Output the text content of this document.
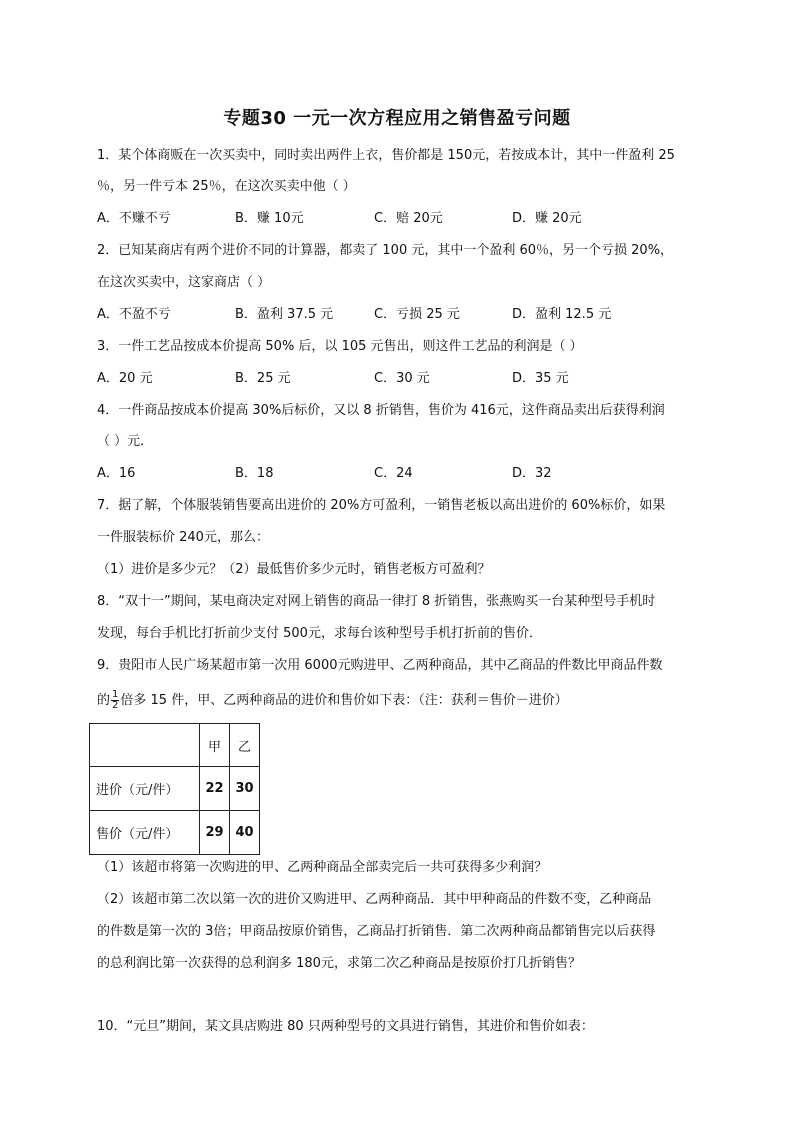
专题30 一元一次方程应用之销售盈亏问题
1．某个体商贩在一次买卖中，同时卖出两件上衣，售价都是 150元，若按成本计，其中一件盈利 25
％，另一件亏本 25％，在这次买卖中他（ ）
A．不赚不亏	B．赚 10元	C．赔 20元	D．赚 20元
2．已知某商店有两个进价不同的计算器，都卖了 100 元，其中一个盈利 60％，另一个亏损 20%，
在这次买卖中，这家商店（ ）
A．不盈不亏	B．盈利 37.5 元	C．亏损 25 元	D．盈利 12.5 元
3．一件工艺品按成本价提高 50% 后，以 105 元售出，则这件工艺品的利润是（ ）
A．20 元	B．25 元	C．30 元	D．35 元
4．一件商品按成本价提高 30%后标价，又以 8 折销售，售价为 416元，这件商品卖出后获得利润
（ ）元．
A．16	B．18	C．24	D．32
7．据了解，个体服装销售要高出进价的 20%方可盈利，一销售老板以高出进价的 60%标价，如果
一件服装标价 240元，那么：
（1）进价是多少元？（2）最低售价多少元时，销售老板方可盈利？
8．“双十一”期间，某电商决定对网上销售的商品一律打 8 折销售，张燕购买一台某种型号手机时
发现，每台手机比打折前少支付 500元，求每台该种型号手机打折前的售价．
9．贵阳市人民广场某超市第一次用 6000元购进甲、乙两种商品，其中乙商品的件数比甲商品件数
的 $\frac{1}{2}$ 倍多 15 件，甲、乙两种商品的进价和售价如下表：（注：获利＝售价－进价）
	甲	乙
进价（元/件）	22	30
售价（元/件）	29	40
（1）该超市将第一次购进的甲、乙两种商品全部卖完后一共可获得多少利润？
（2）该超市第二次以第一次的进价又购进甲、乙两种商品．其中甲种商品的件数不变，乙种商品
的件数是第一次的 3倍；甲商品按原价销售，乙商品打折销售．第二次两种商品都销售完以后获得
的总利润比第一次获得的总利润多 180元，求第二次乙种商品是按原价打几折销售？
10．“元旦”期间，某文具店购进 80 只两种型号的文具进行销售，其进价和售价如表：
